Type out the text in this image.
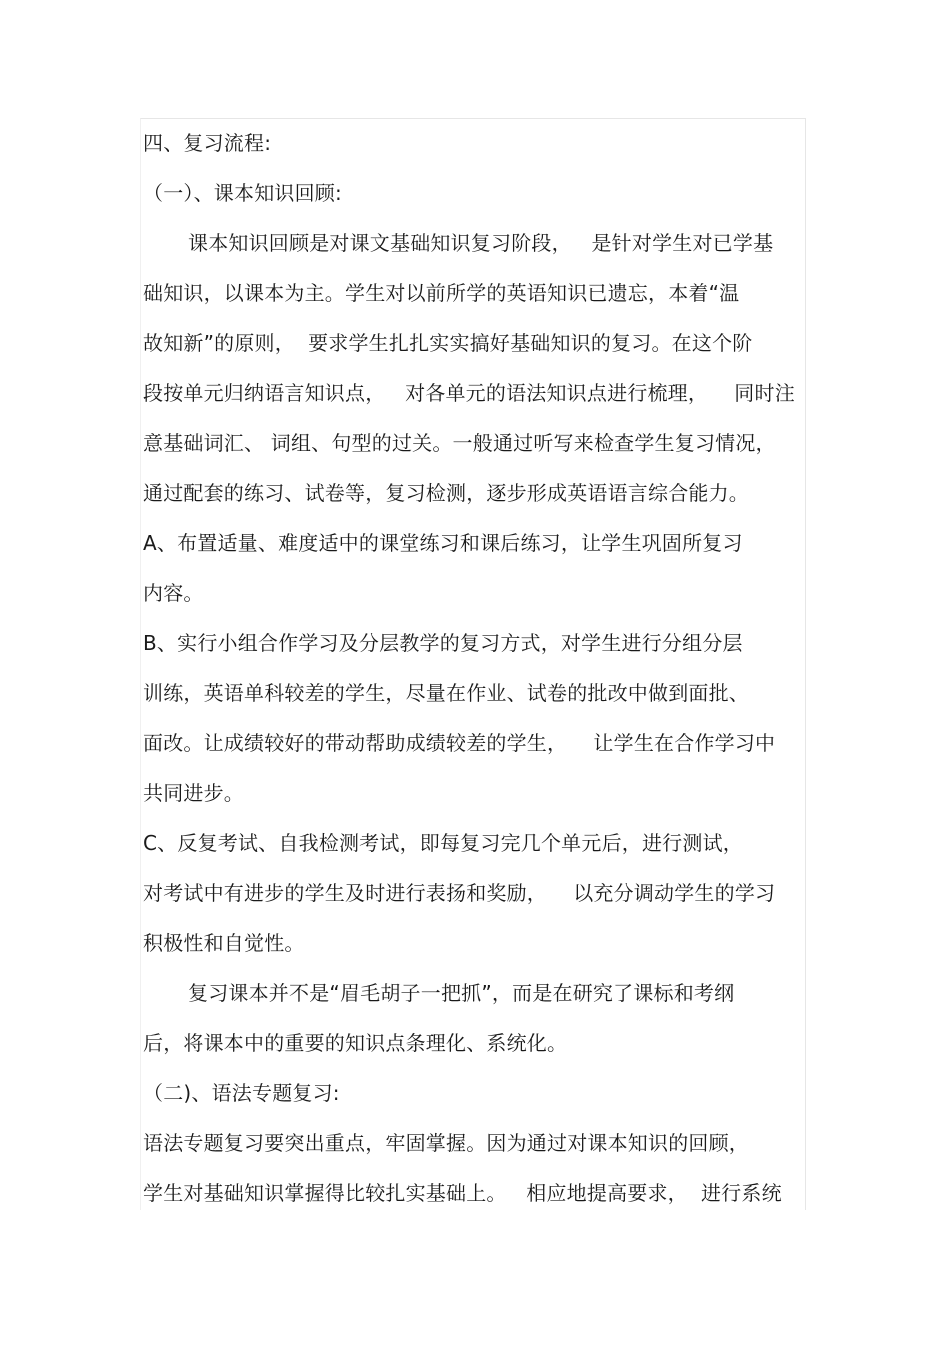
四、复习流程:
（一）、课本知识回顾:
课本知识回顾是对课文基础知识复习阶段，   是针对学生对已学基
础知识，以课本为主。学生对以前所学的英语知识已遗忘，本着“温
故知新”的原则，  要求学生扎扎实实搞好基础知识的复习。在这个阶
段按单元归纳语言知识点，   对各单元的语法知识点进行梳理，    同时注
意基础词汇、 词组、句型的过关。一般通过听写来检查学生复习情况，
通过配套的练习、试卷等，复习检测，逐步形成英语语言综合能力。
A、布置适量、难度适中的课堂练习和课后练习，让学生巩固所复习
内容。
B、实行小组合作学习及分层教学的复习方式，对学生进行分组分层
训练，英语单科较差的学生，尽量在作业、试卷的批改中做到面批、
面改。让成绩较好的带动帮助成绩较差的学生，    让学生在合作学习中
共同进步。
C、反复考试、自我检测考试，即每复习完几个单元后，进行测试，
对考试中有进步的学生及时进行表扬和奖励，    以充分调动学生的学习
积极性和自觉性。
复习课本并不是“眉毛胡子一把抓”，而是在研究了课标和考纲
后，将课本中的重要的知识点条理化、系统化。
（二)、语法专题复习:
语法专题复习要突出重点，牢固掌握。因为通过对课本知识的回顾，
学生对基础知识掌握得比较扎实基础上。   相应地提高要求，  进行系统
